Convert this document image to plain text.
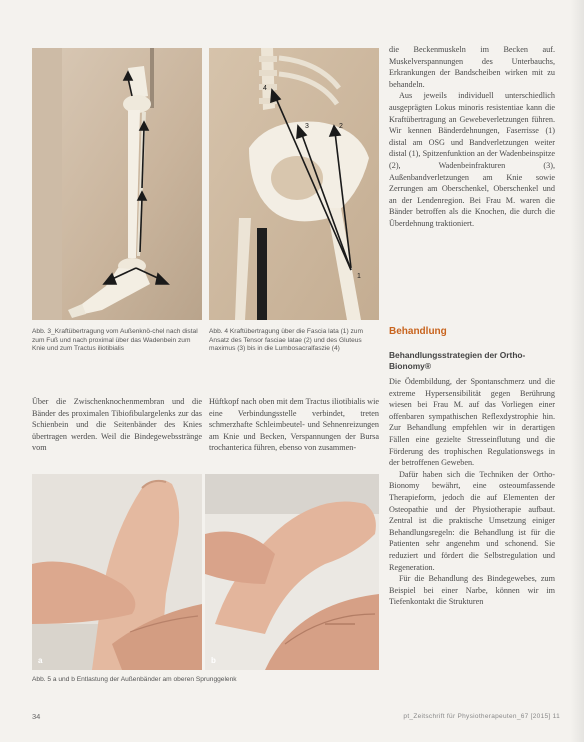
2
3
4
1
Abb. 3_Kraftübertragung vom Außenknö-chel nach distal zum Fuß und nach proximal über das Wadenbein zum Knie und zum Tractus iliotibialis
Abb. 4 Kraftübertragung über die Fascia lata (1) zum Ansatz des Tensor fasciae latae (2) und des Gluteus maximus (3) bis in die Lumbosacralfaszie (4)

Über die Zwischenknochenmembran und die Bänder des proximalen Tibiofibulargelenks zur das Schienbein und die Seitenbänder des Knies übertragen werden. Weil die Bindegewebsstränge vom

Hüftkopf nach oben mit dem Tractus iliotibialis wie eine Verbindungsstelle verbindet, treten schmerzhafte Schleimbeutel- und Sehnenreizungen am Knie und Becken, Verspannungen der Bursa trochanterica führen, ebenso von zusammen-

a	b
Abb. 5 a und b Entlastung der Außenbänder am oberen Sprunggelenk

die Beckenmuskeln im Becken auf. Muskelverspannungen des Unterbauchs, Erkrankungen der Bandscheiben wirken mit zu behandeln.

Aus jeweils individuell unterschiedlich ausgeprägten Lokus minoris resistentiae kann die Kraftübertragung an Gewebeverletzungen führen. Wir kennen Bänderdehnungen, Faserrisse (1) distal am OSG und Bandverletzungen weiter distal (1), Spitzenfunktion an der Wadenbeinspitze (2), Wadenbeinfrakturen (3), Außenbandverletzungen am Knie sowie Zerrungen am Oberschenkel, Oberschenkel und an der Lendenregion. Bei Frau M. waren die Bänder betroffen als die Knochen, die durch die Überdehnung traktioniert.

Behandlung
Behandlungsstrategien der Ortho-Bionomy®

Die Ödembildung, der Spontanschmerz und die extreme Hypersensibilität gegen Berührung wiesen bei Frau M. auf das Vorliegen einer offenbaren sympathischen Reflexdystrophie hin. Zur Behandlung empfehlen wir in derartigen Fällen eine gezielte Stresseinflutung und die Förderung des trophischen Regulationswegs in der betroffenen Geweben.

Dafür haben sich die Techniken der Ortho-Bionomy bewährt, eine osteoumfassende Therapieform, jedoch die auf Elementen der Osteopathie und der Physiotherapie aufbaut. Zentral ist die praktische Umsetzung einiger Behandlungsregeln: die Behandlung ist für die Patienten sehr angenehm und schonend. Sie reduziert und fördert die Selbstregulation und Regeneration.

Für die Behandlung des Bindegewebes, zum Beispiel bei einer Narbe, können wir im Tiefenkontakt die Strukturen

34	pt_Zeitschrift für Physiotherapeuten_67 [2015] 11
